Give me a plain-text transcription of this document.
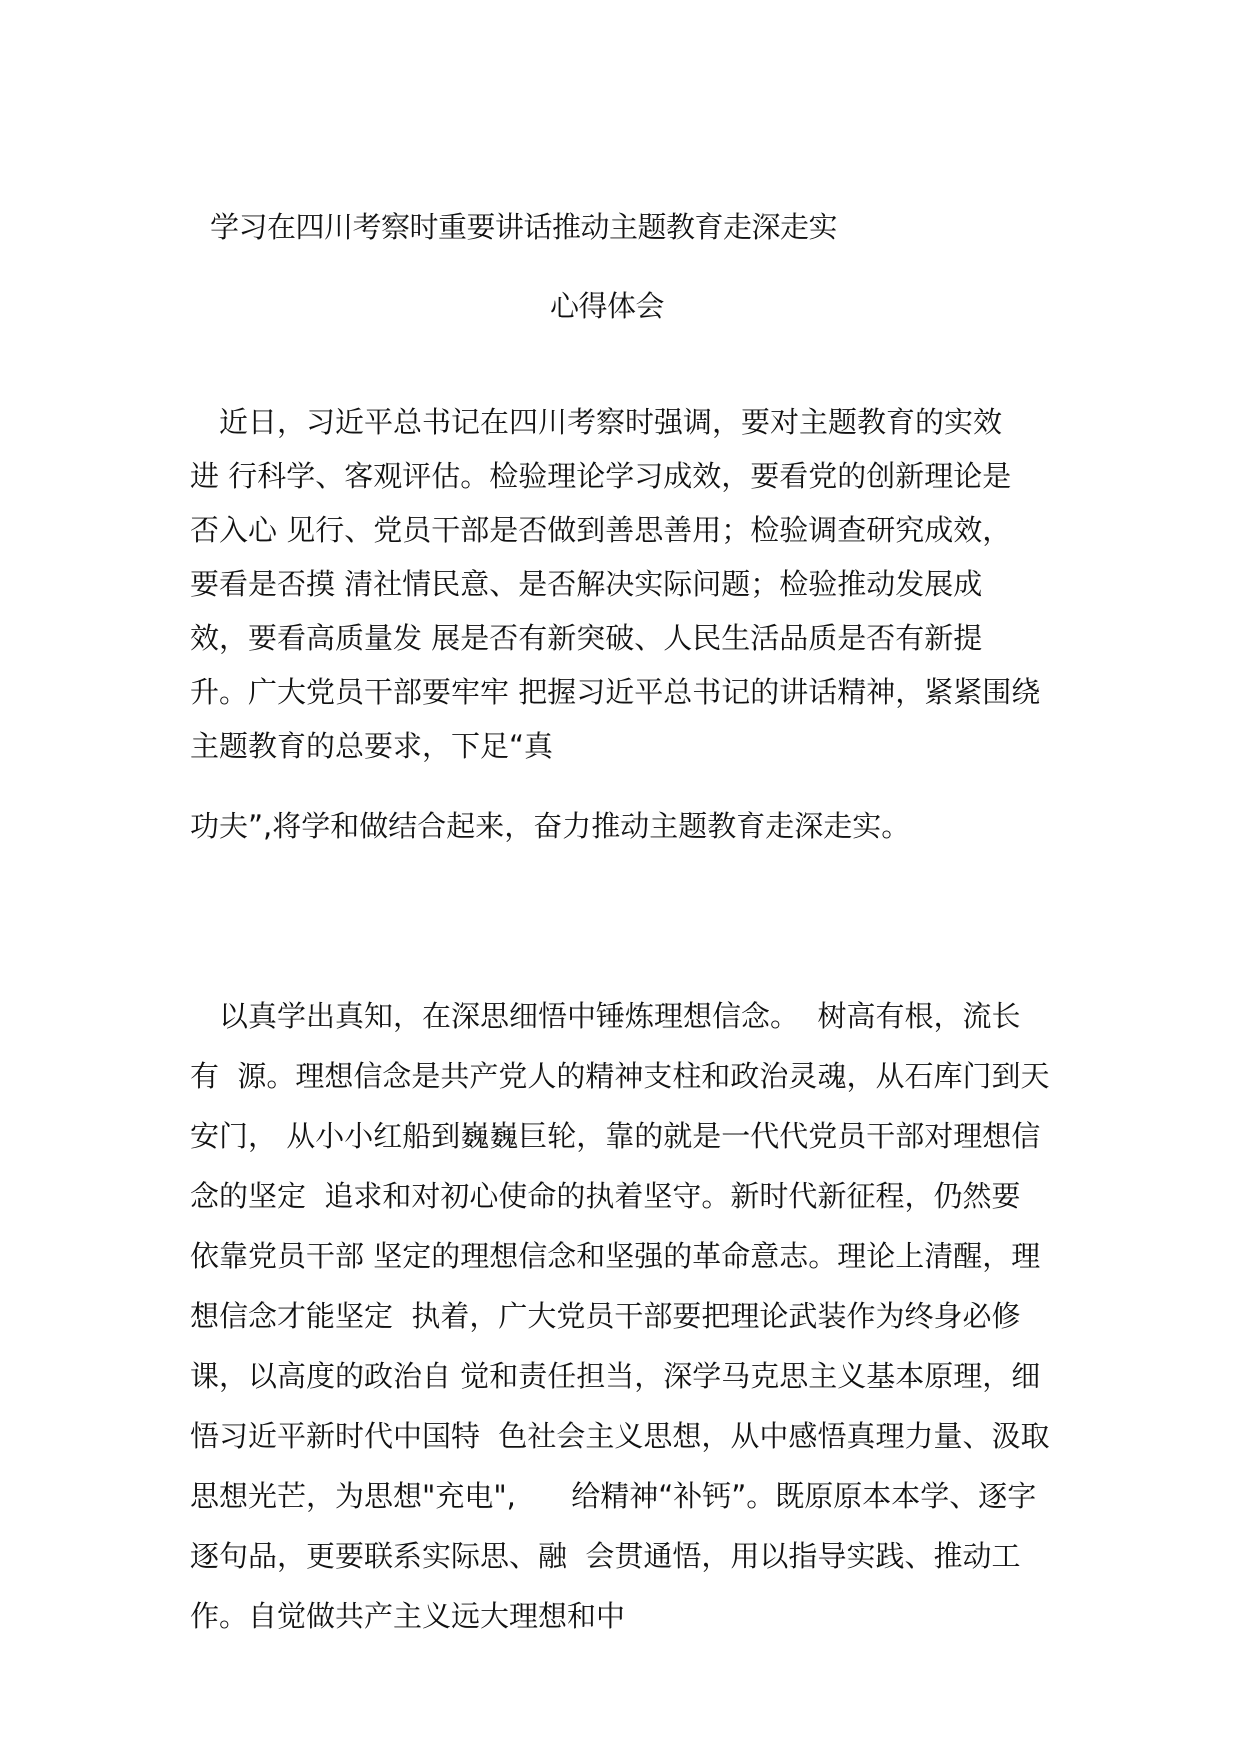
学习在四川考察时重要讲话推动主题教育走深走实
心得体会
　近日，习近平总书记在四川考察时强调，要对主题教育的实效
进 行科学、客观评估。检验理论学习成效，要看党的创新理论是
否入心 见行、党员干部是否做到善思善用；检验调查研究成效，
要看是否摸 清社情民意、是否解决实际问题；检验推动发展成
效，要看高质量发 展是否有新突破、人民生活品质是否有新提
升。广大党员干部要牢牢 把握习近平总书记的讲话精神，紧紧围绕
主题教育的总要求，下足“真
功夫”,将学和做结合起来，奋力推动主题教育走深走实。
　以真学出真知，在深思细悟中锤炼理想信念。  树高有根，流长
有  源。理想信念是共产党人的精神支柱和政治灵魂，从石库门到天
安门， 从小小红船到巍巍巨轮，靠的就是一代代党员干部对理想信
念的坚定  追求和对初心使命的执着坚守。新时代新征程，仍然要
依靠党员干部 坚定的理想信念和坚强的革命意志。理论上清醒，理
想信念才能坚定  执着，广大党员干部要把理论武装作为终身必修
课，以高度的政治自 觉和责任担当，深学马克思主义基本原理，细
悟习近平新时代中国特  色社会主义思想，从中感悟真理力量、汲取
思想光芒，为思想"充电",      给精神“补钙”。既原原本本学、逐字
逐句品，更要联系实际思、融  会贯通悟，用以指导实践、推动工
作。自觉做共产主义远大理想和中
